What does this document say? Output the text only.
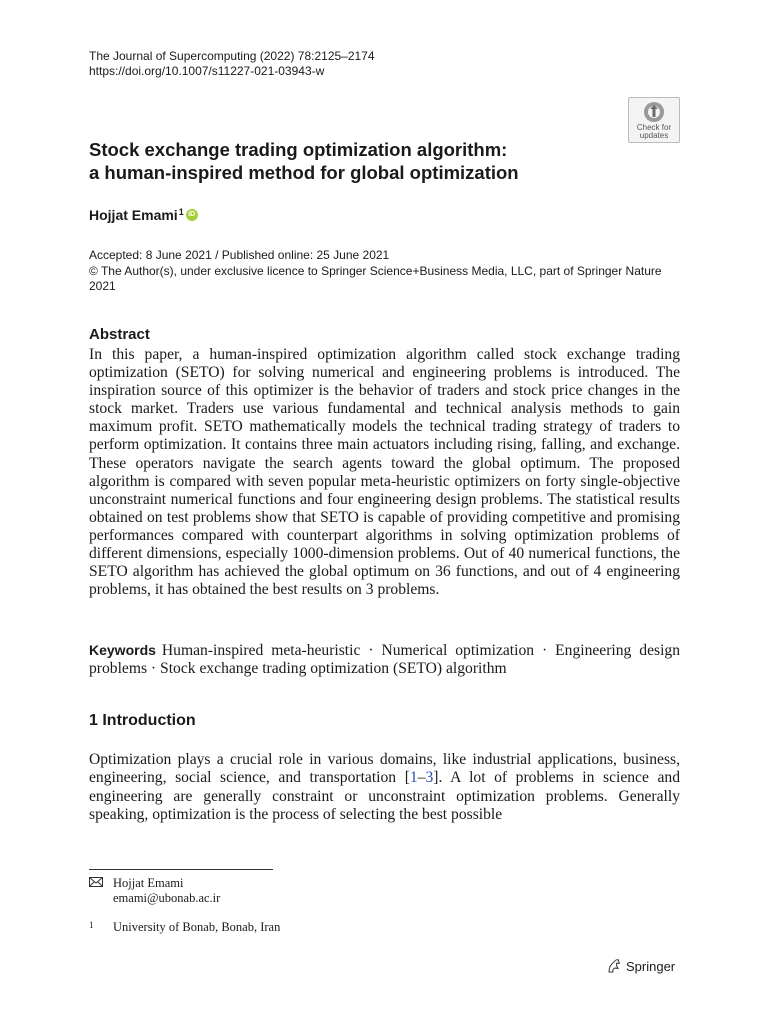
The Journal of Supercomputing (2022) 78:2125–2174
https://doi.org/10.1007/s11227-021-03943-w
Check for
updates
Stock exchange trading optimization algorithm:
a human-inspired method for global optimization
Hojjat Emami$^1$ iD
Accepted: 8 June 2021 / Published online: 25 June 2021
© The Author(s), under exclusive licence to Springer Science+Business Media, LLC, part of Springer Nature 2021
Abstract

In this paper, a human-inspired optimization algorithm called stock exchange trading optimization (SETO) for solving numerical and engineering problems is introduced. The inspiration source of this optimizer is the behavior of traders and stock price changes in the stock market. Traders use various fundamental and technical analysis methods to gain maximum profit. SETO mathematically models the technical trading strategy of traders to perform optimization. It contains three main actuators including rising, falling, and exchange. These operators navigate the search agents toward the global optimum. The proposed algorithm is compared with seven popular meta-heuristic optimizers on forty single-objective unconstraint numerical functions and four engineering design problems. The statistical results obtained on test problems show that SETO is capable of providing competitive and promising performances compared with counterpart algorithms in solving optimization problems of different dimensions, especially 1000-dimension problems. Out of 40 numerical functions, the SETO algorithm has achieved the global optimum on 36 functions, and out of 4 engineering problems, it has obtained the best results on 3 problems.

Keywords Human-inspired meta-heuristic · Numerical optimization · Engineering design problems · Stock exchange trading optimization (SETO) algorithm

1 Introduction

Optimization plays a crucial role in various domains, like industrial applications, business, engineering, social science, and transportation [1–3]. A lot of problems in science and engineering are generally constraint or unconstraint optimization problems. Generally speaking, optimization is the process of selecting the best possible

Hojjat Emami
emami@ubonab.ac.ir
1	University of Bonab, Bonab, Iran
Springer
